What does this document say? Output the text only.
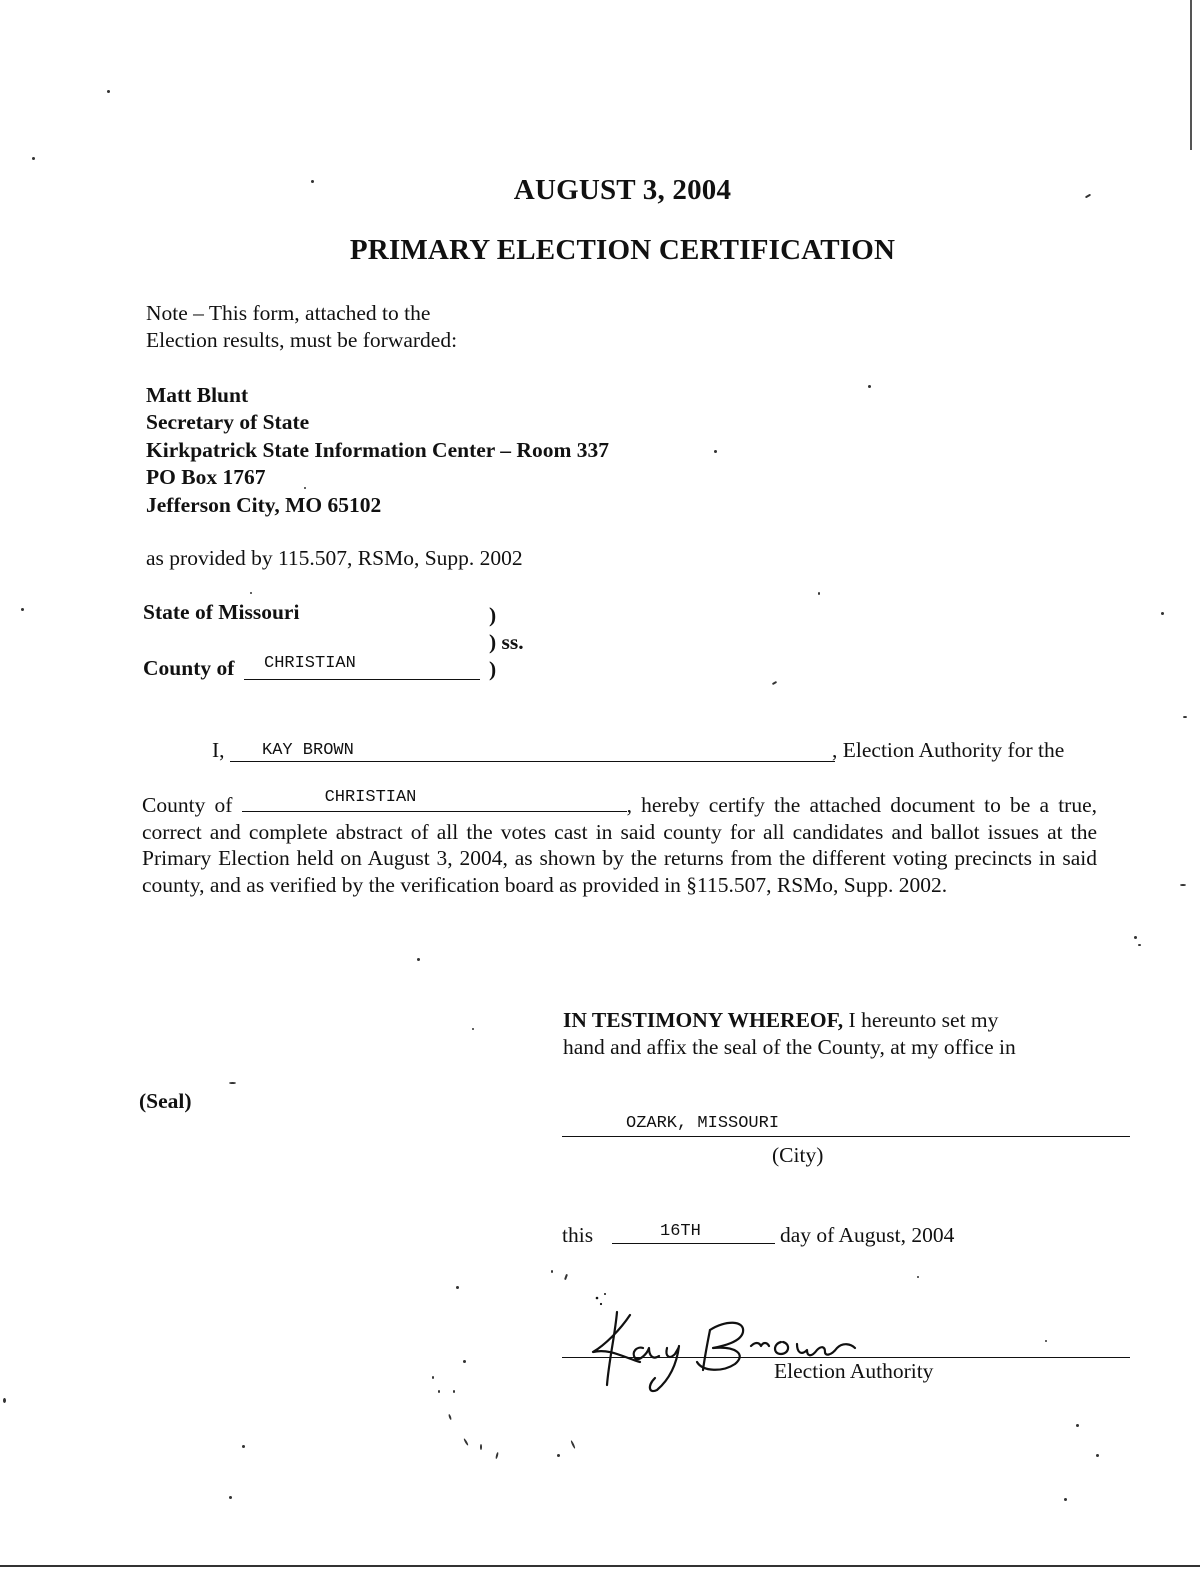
AUGUST 3, 2004
PRIMARY ELECTION CERTIFICATION
Note – This form, attached to the
Election results, must be forwarded:
Matt Blunt
Secretary of State
Kirkpatrick State Information Center – Room 337
PO Box 1767
Jefferson City, MO 65102
as provided by 115.507, RSMo, Supp. 2002
State of Missouri	)
) ss.
County of CHRISTIAN	)
I, KAY BROWN	, Election Authority for the
County of	CHRISTIAN	, hereby certify the attached document to be a true, correct and complete abstract of all the votes cast in said county for all candidates and ballot issues at the Primary Election held on August 3, 2004, as shown by the returns from the different voting precincts in said county, and as verified by the verification board as provided in §115.507, RSMo, Supp. 2002.
IN TESTIMONY WHEREOF, I hereunto set my
hand and affix the seal of the County, at my office in
(Seal)
OZARK, MISSOURI
(City)
this	16TH	day of August, 2004
Election Authority
